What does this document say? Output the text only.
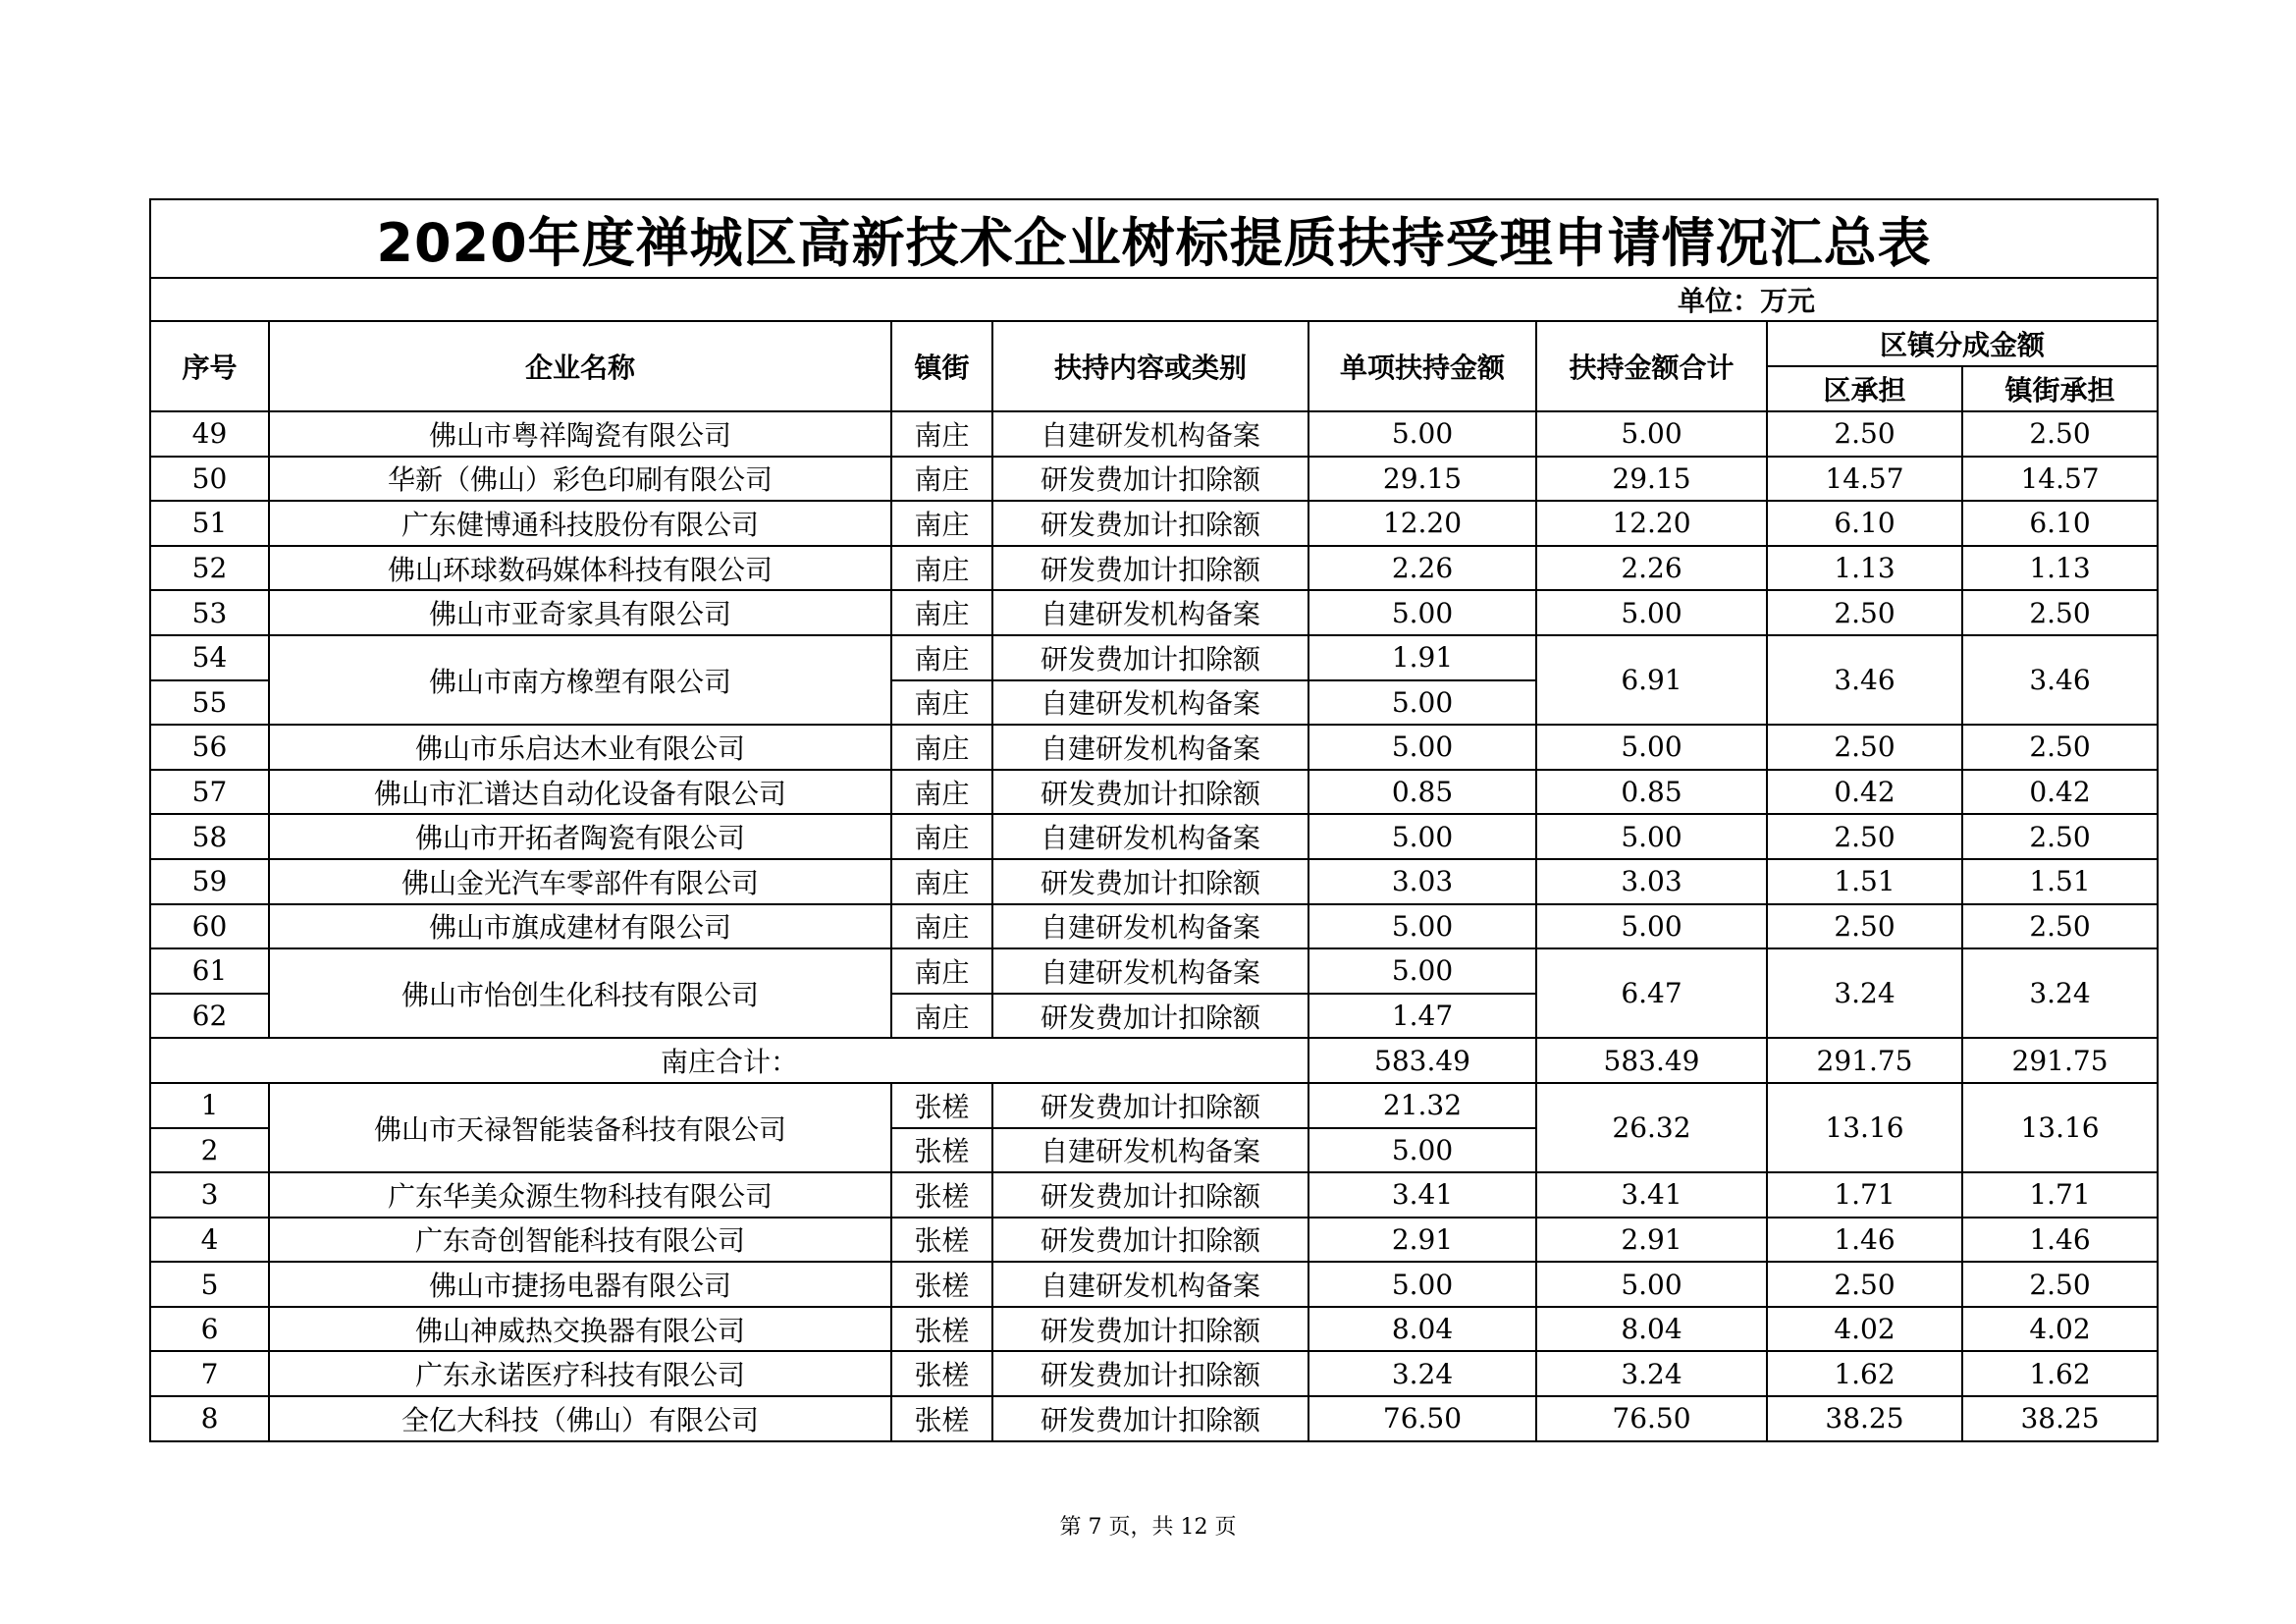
2020年度禅城区高新技术企业树标提质扶持受理申请情况汇总表							
单位：万元							
序号	企业名称	镇街	扶持内容或类别	单项扶持金额	扶持金额合计	区镇分成金额	
						区承担	镇街承担
49	佛山市粤祥陶瓷有限公司	南庄	自建研发机构备案	5.00	5.00	2.50	2.50
50	华新（佛山）彩色印刷有限公司	南庄	研发费加计扣除额	29.15	29.15	14.57	14.57
51	广东健博通科技股份有限公司	南庄	研发费加计扣除额	12.20	12.20	6.10	6.10
52	佛山环球数码媒体科技有限公司	南庄	研发费加计扣除额	2.26	2.26	1.13	1.13
53	佛山市亚奇家具有限公司	南庄	自建研发机构备案	5.00	5.00	2.50	2.50
54	佛山市南方橡塑有限公司	南庄	研发费加计扣除额	1.91	6.91	3.46	3.46
55		南庄	自建研发机构备案	5.00			
56	佛山市乐启达木业有限公司	南庄	自建研发机构备案	5.00	5.00	2.50	2.50
57	佛山市汇谱达自动化设备有限公司	南庄	研发费加计扣除额	0.85	0.85	0.42	0.42
58	佛山市开拓者陶瓷有限公司	南庄	自建研发机构备案	5.00	5.00	2.50	2.50
59	佛山金光汽车零部件有限公司	南庄	研发费加计扣除额	3.03	3.03	1.51	1.51
60	佛山市旗成建材有限公司	南庄	自建研发机构备案	5.00	5.00	2.50	2.50
61	佛山市怡创生化科技有限公司	南庄	自建研发机构备案	5.00	6.47	3.24	3.24
62		南庄	研发费加计扣除额	1.47			
南庄合计：				583.49	583.49	291.75	291.75
1	佛山市天禄智能装备科技有限公司	张槎	研发费加计扣除额	21.32	26.32	13.16	13.16
2		张槎	自建研发机构备案	5.00			
3	广东华美众源生物科技有限公司	张槎	研发费加计扣除额	3.41	3.41	1.71	1.71
4	广东奇创智能科技有限公司	张槎	研发费加计扣除额	2.91	2.91	1.46	1.46
5	佛山市捷扬电器有限公司	张槎	自建研发机构备案	5.00	5.00	2.50	2.50
6	佛山神威热交换器有限公司	张槎	研发费加计扣除额	8.04	8.04	4.02	4.02
7	广东永诺医疗科技有限公司	张槎	研发费加计扣除额	3.24	3.24	1.62	1.62
8	全亿大科技（佛山）有限公司	张槎	研发费加计扣除额	76.50	76.50	38.25	38.25
第 7 页，共 12 页
